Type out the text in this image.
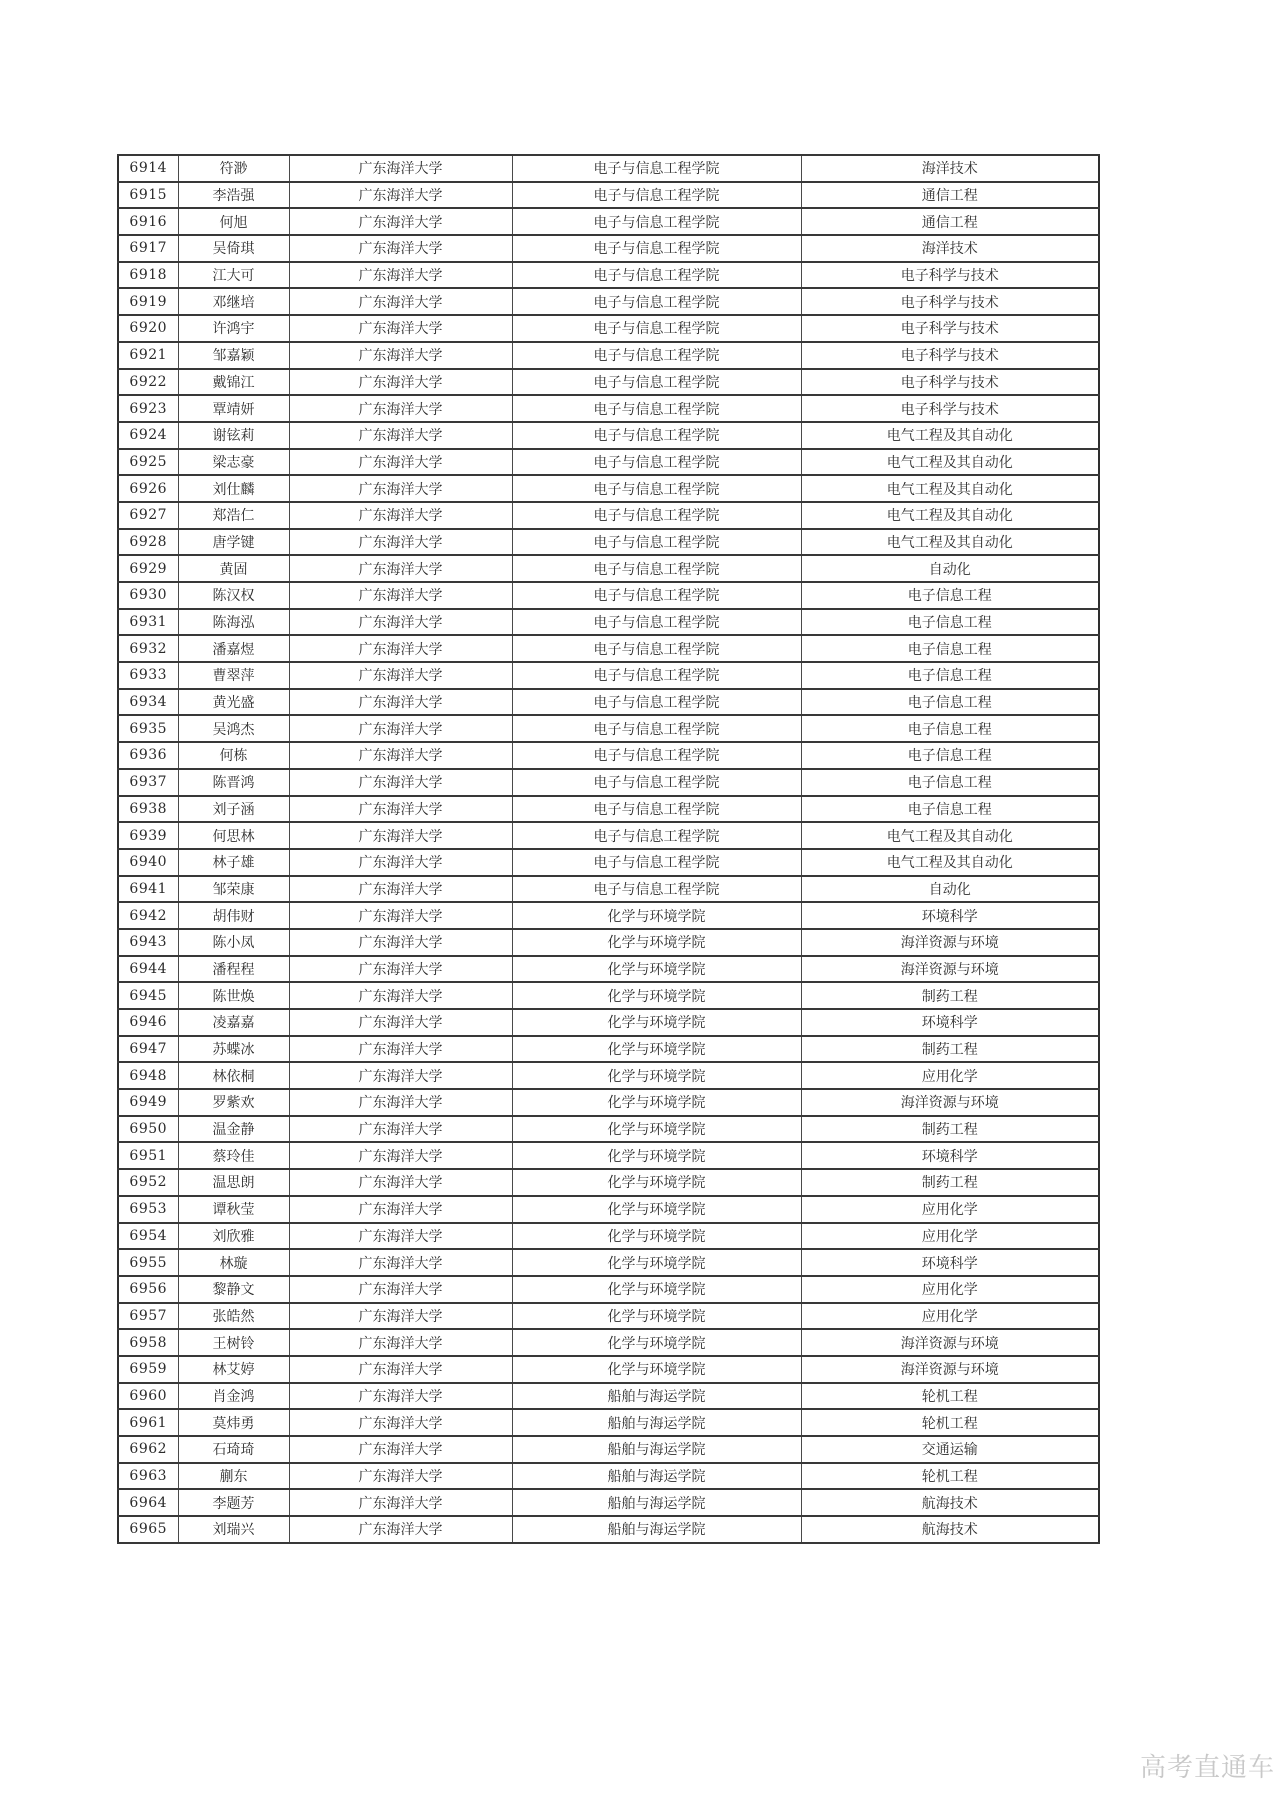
6914	符渺	广东海洋大学	电子与信息工程学院	海洋技术
6915	李浩强	广东海洋大学	电子与信息工程学院	通信工程
6916	何旭	广东海洋大学	电子与信息工程学院	通信工程
6917	吴倚琪	广东海洋大学	电子与信息工程学院	海洋技术
6918	江大可	广东海洋大学	电子与信息工程学院	电子科学与技术
6919	邓继培	广东海洋大学	电子与信息工程学院	电子科学与技术
6920	许鸿宇	广东海洋大学	电子与信息工程学院	电子科学与技术
6921	邹嘉颖	广东海洋大学	电子与信息工程学院	电子科学与技术
6922	戴锦江	广东海洋大学	电子与信息工程学院	电子科学与技术
6923	覃靖妍	广东海洋大学	电子与信息工程学院	电子科学与技术
6924	谢铉莉	广东海洋大学	电子与信息工程学院	电气工程及其自动化
6925	梁志豪	广东海洋大学	电子与信息工程学院	电气工程及其自动化
6926	刘仕麟	广东海洋大学	电子与信息工程学院	电气工程及其自动化
6927	郑浩仁	广东海洋大学	电子与信息工程学院	电气工程及其自动化
6928	唐学键	广东海洋大学	电子与信息工程学院	电气工程及其自动化
6929	黄固	广东海洋大学	电子与信息工程学院	自动化
6930	陈汉权	广东海洋大学	电子与信息工程学院	电子信息工程
6931	陈海泓	广东海洋大学	电子与信息工程学院	电子信息工程
6932	潘嘉煜	广东海洋大学	电子与信息工程学院	电子信息工程
6933	曹翠萍	广东海洋大学	电子与信息工程学院	电子信息工程
6934	黄光盛	广东海洋大学	电子与信息工程学院	电子信息工程
6935	吴鸿杰	广东海洋大学	电子与信息工程学院	电子信息工程
6936	何栋	广东海洋大学	电子与信息工程学院	电子信息工程
6937	陈晋鸿	广东海洋大学	电子与信息工程学院	电子信息工程
6938	刘子涵	广东海洋大学	电子与信息工程学院	电子信息工程
6939	何思林	广东海洋大学	电子与信息工程学院	电气工程及其自动化
6940	林子雄	广东海洋大学	电子与信息工程学院	电气工程及其自动化
6941	邹荣康	广东海洋大学	电子与信息工程学院	自动化
6942	胡伟财	广东海洋大学	化学与环境学院	环境科学
6943	陈小凤	广东海洋大学	化学与环境学院	海洋资源与环境
6944	潘程程	广东海洋大学	化学与环境学院	海洋资源与环境
6945	陈世焕	广东海洋大学	化学与环境学院	制药工程
6946	凌嘉嘉	广东海洋大学	化学与环境学院	环境科学
6947	苏蝶冰	广东海洋大学	化学与环境学院	制药工程
6948	林依桐	广东海洋大学	化学与环境学院	应用化学
6949	罗紫欢	广东海洋大学	化学与环境学院	海洋资源与环境
6950	温金静	广东海洋大学	化学与环境学院	制药工程
6951	蔡玲佳	广东海洋大学	化学与环境学院	环境科学
6952	温思朗	广东海洋大学	化学与环境学院	制药工程
6953	谭秋莹	广东海洋大学	化学与环境学院	应用化学
6954	刘欣雅	广东海洋大学	化学与环境学院	应用化学
6955	林璇	广东海洋大学	化学与环境学院	环境科学
6956	黎静文	广东海洋大学	化学与环境学院	应用化学
6957	张皓然	广东海洋大学	化学与环境学院	应用化学
6958	王树铃	广东海洋大学	化学与环境学院	海洋资源与环境
6959	林艾婷	广东海洋大学	化学与环境学院	海洋资源与环境
6960	肖金鸿	广东海洋大学	船舶与海运学院	轮机工程
6961	莫炜勇	广东海洋大学	船舶与海运学院	轮机工程
6962	石琦琦	广东海洋大学	船舶与海运学院	交通运输
6963	蒯东	广东海洋大学	船舶与海运学院	轮机工程
6964	李题芳	广东海洋大学	船舶与海运学院	航海技术
6965	刘瑞兴	广东海洋大学	船舶与海运学院	航海技术
高考直通车
